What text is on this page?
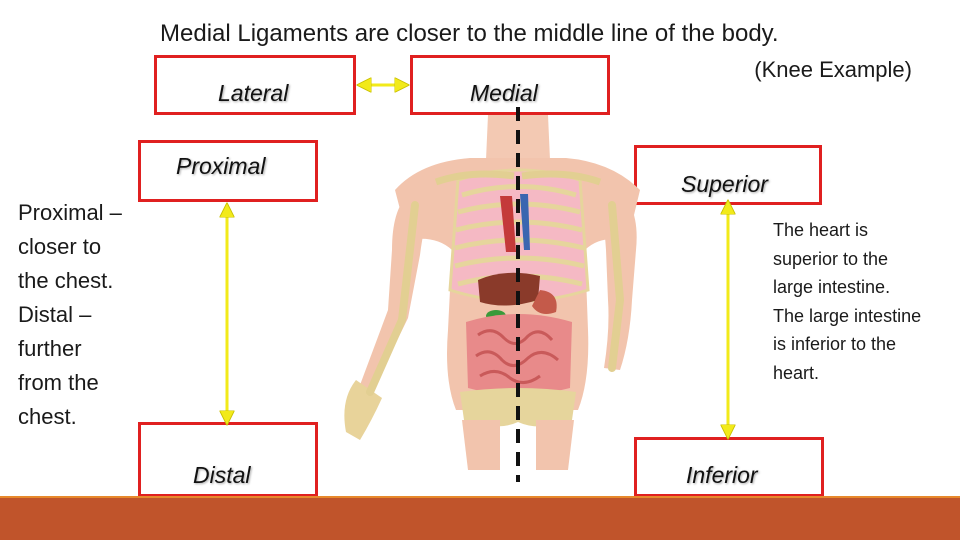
Medial Ligaments are closer to the middle line of the body.
(Knee Example)
Lateral	Medial
Proximal
Distal
Superior
Inferior
Proximal –
closer to
the chest.
Distal –
further
from the
chest.
The heart is
superior to the
large intestine.
The large intestine
is inferior to the
heart.
